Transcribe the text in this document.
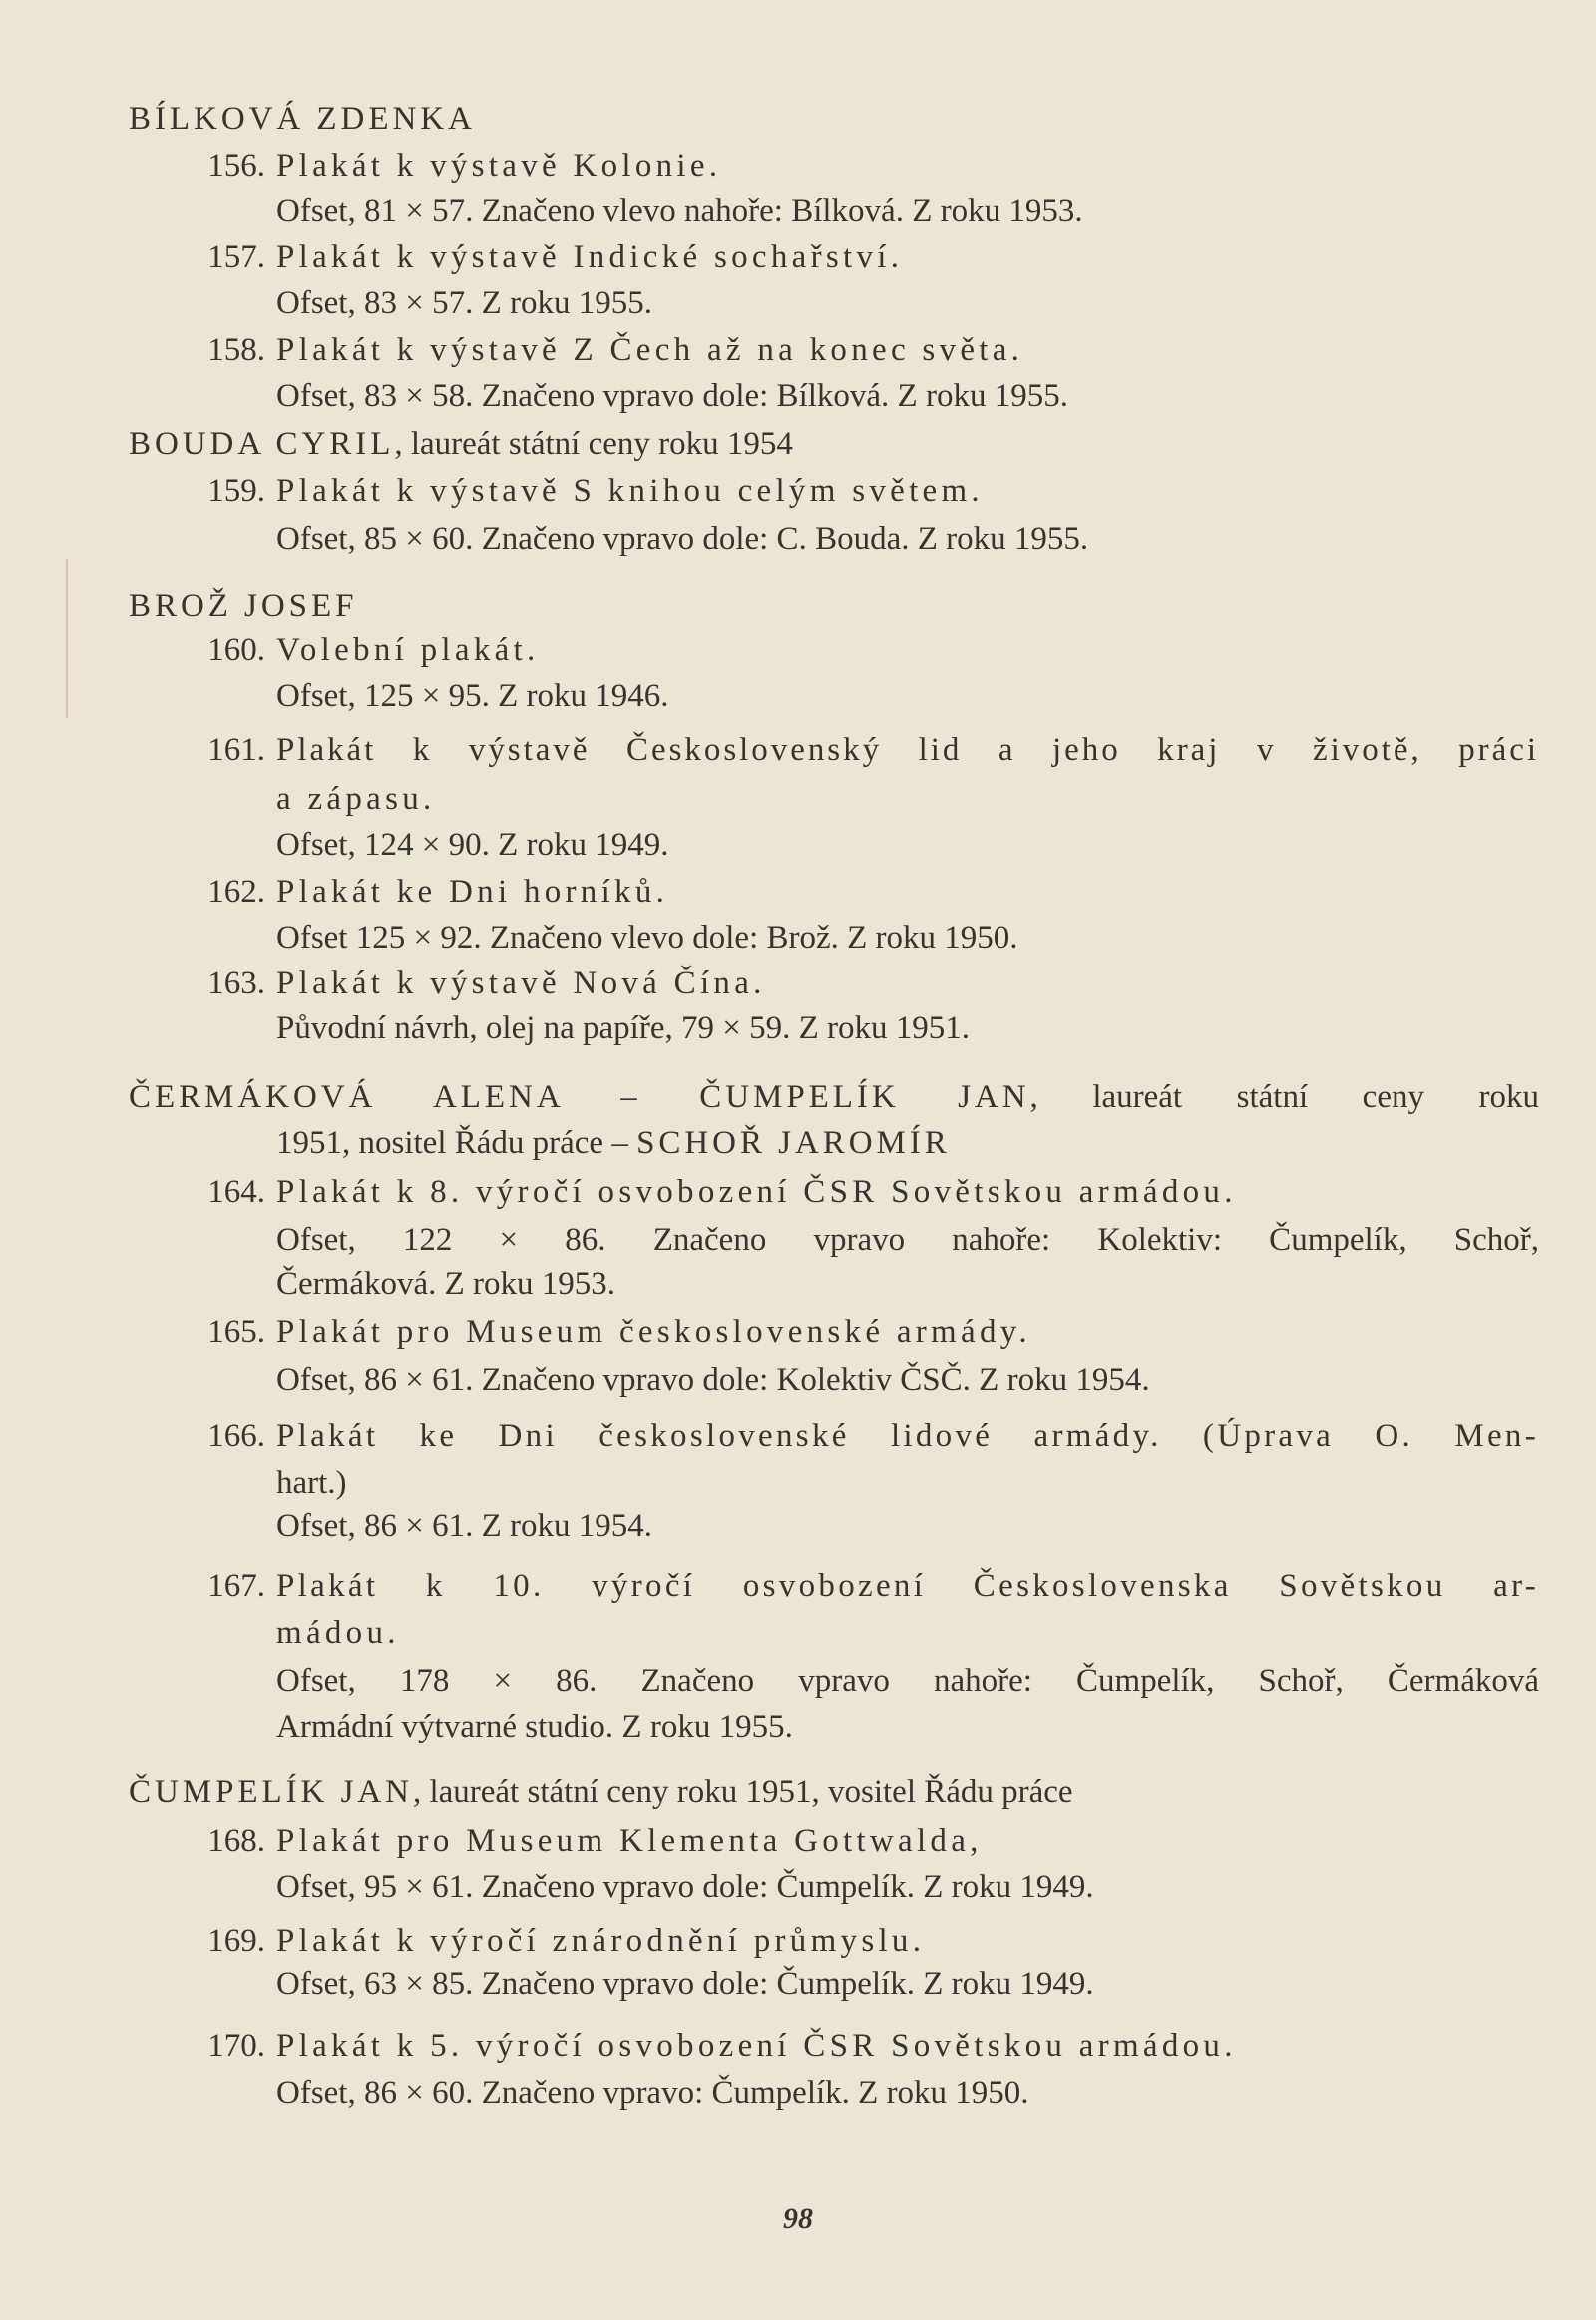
BÍLKOVÁ ZDENKA
156. Plakát k výstavě Kolonie.
Ofset, 81 × 57. Značeno vlevo nahoře: Bílková. Z roku 1953.
157. Plakát k výstavě Indické sochařství.
Ofset, 83 × 57. Z roku 1955.
158. Plakát k výstavě Z Čech až na konec světa.
Ofset, 83 × 58. Značeno vpravo dole: Bílková. Z roku 1955.
BOUDA CYRIL, laureát státní ceny roku 1954
159. Plakát k výstavě S knihou celým světem.
Ofset, 85 × 60. Značeno vpravo dole: C. Bouda. Z roku 1955.
BROŽ JOSEF
160. Volební plakát.
Ofset, 125 × 95. Z roku 1946.
161. Plakát k výstavě Československý lid a jeho kraj v životě, práci
a zápasu.
Ofset, 124 × 90. Z roku 1949.
162. Plakát ke Dni horníků.
Ofset 125 × 92. Značeno vlevo dole: Brož. Z roku 1950.
163. Plakát k výstavě Nová Čína.
Původní návrh, olej na papíře, 79 × 59. Z roku 1951.
ČERMÁKOVÁ ALENA – ČUMPELÍK JAN, laureát státní ceny roku
1951, nositel Řádu práce – SCHOŘ JAROMÍR
164. Plakát k 8. výročí osvobození ČSR Sovětskou armádou.
Ofset, 122 × 86. Značeno vpravo nahoře: Kolektiv: Čumpelík, Schoř,
Čermáková. Z roku 1953.
165. Plakát pro Museum československé armády.
Ofset, 86 × 61. Značeno vpravo dole: Kolektiv ČSČ. Z roku 1954.
166. Plakát ke Dni československé lidové armády. (Úprava O. Men-
hart.)
Ofset, 86 × 61. Z roku 1954.
167. Plakát k 10. výročí osvobození Československa Sovětskou ar-
mádou.
Ofset, 178 × 86. Značeno vpravo nahoře: Čumpelík, Schoř, Čermáková
Armádní výtvarné studio. Z roku 1955.
ČUMPELÍK JAN, laureát státní ceny roku 1951, vositel Řádu práce
168. Plakát pro Museum Klementa Gottwalda,
Ofset, 95 × 61. Značeno vpravo dole: Čumpelík. Z roku 1949.
169. Plakát k výročí znárodnění průmyslu.
Ofset, 63 × 85. Značeno vpravo dole: Čumpelík. Z roku 1949.
170. Plakát k 5. výročí osvobození ČSR Sovětskou armádou.
Ofset, 86 × 60. Značeno vpravo: Čumpelík. Z roku 1950.
98
